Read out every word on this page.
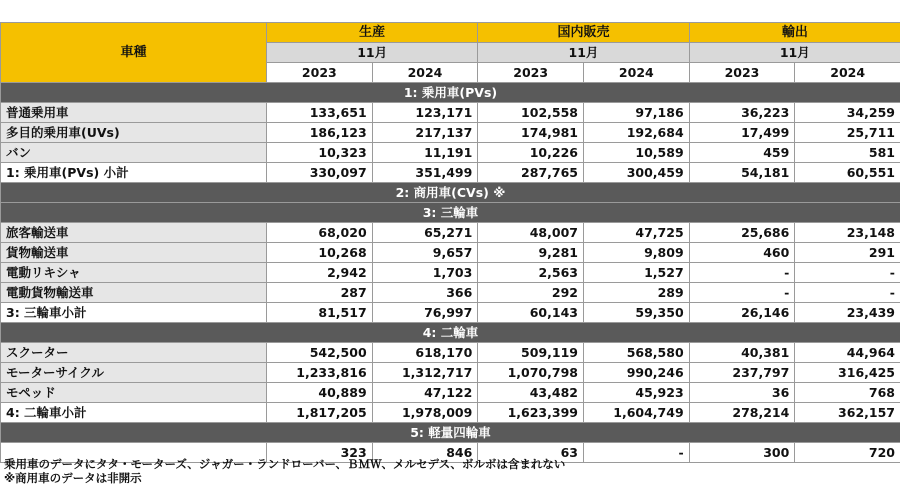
車種	生産		国内販売		輸出	
	11月		11月		11月	
	2023	2024	2023	2024	2023	2024
1: 乗用車(PVs)						
普通乗用車	133,651	123,171	102,558	97,186	36,223	34,259
多目的乗用車(UVs)	186,123	217,137	174,981	192,684	17,499	25,711
バン	10,323	11,191	10,226	10,589	459	581
1: 乗用車(PVs) 小計	330,097	351,499	287,765	300,459	54,181	60,551
2: 商用車(CVs) ※						
3: 三輪車						
旅客輸送車	68,020	65,271	48,007	47,725	25,686	23,148
貨物輸送車	10,268	9,657	9,281	9,809	460	291
電動リキシャ	2,942	1,703	2,563	1,527	-	-
電動貨物輸送車	287	366	292	289	-	-
3: 三輪車小計	81,517	76,997	60,143	59,350	26,146	23,439
4: 二輪車						
スクーター	542,500	618,170	509,119	568,580	40,381	44,964
モーターサイクル	1,233,816	1,312,717	1,070,798	990,246	237,797	316,425
モペッド	40,889	47,122	43,482	45,923	36	768
4: 二輪車小計	1,817,205	1,978,009	1,623,399	1,604,749	278,214	362,157
5: 軽量四輪車						
	323	846	63	-	300	720
乗用車のデータにタタ・モーターズ、ジャガー・ランドローバー、ＢＭＷ、メルセデス、ボルボは含まれない
※商用車のデータは非開示
